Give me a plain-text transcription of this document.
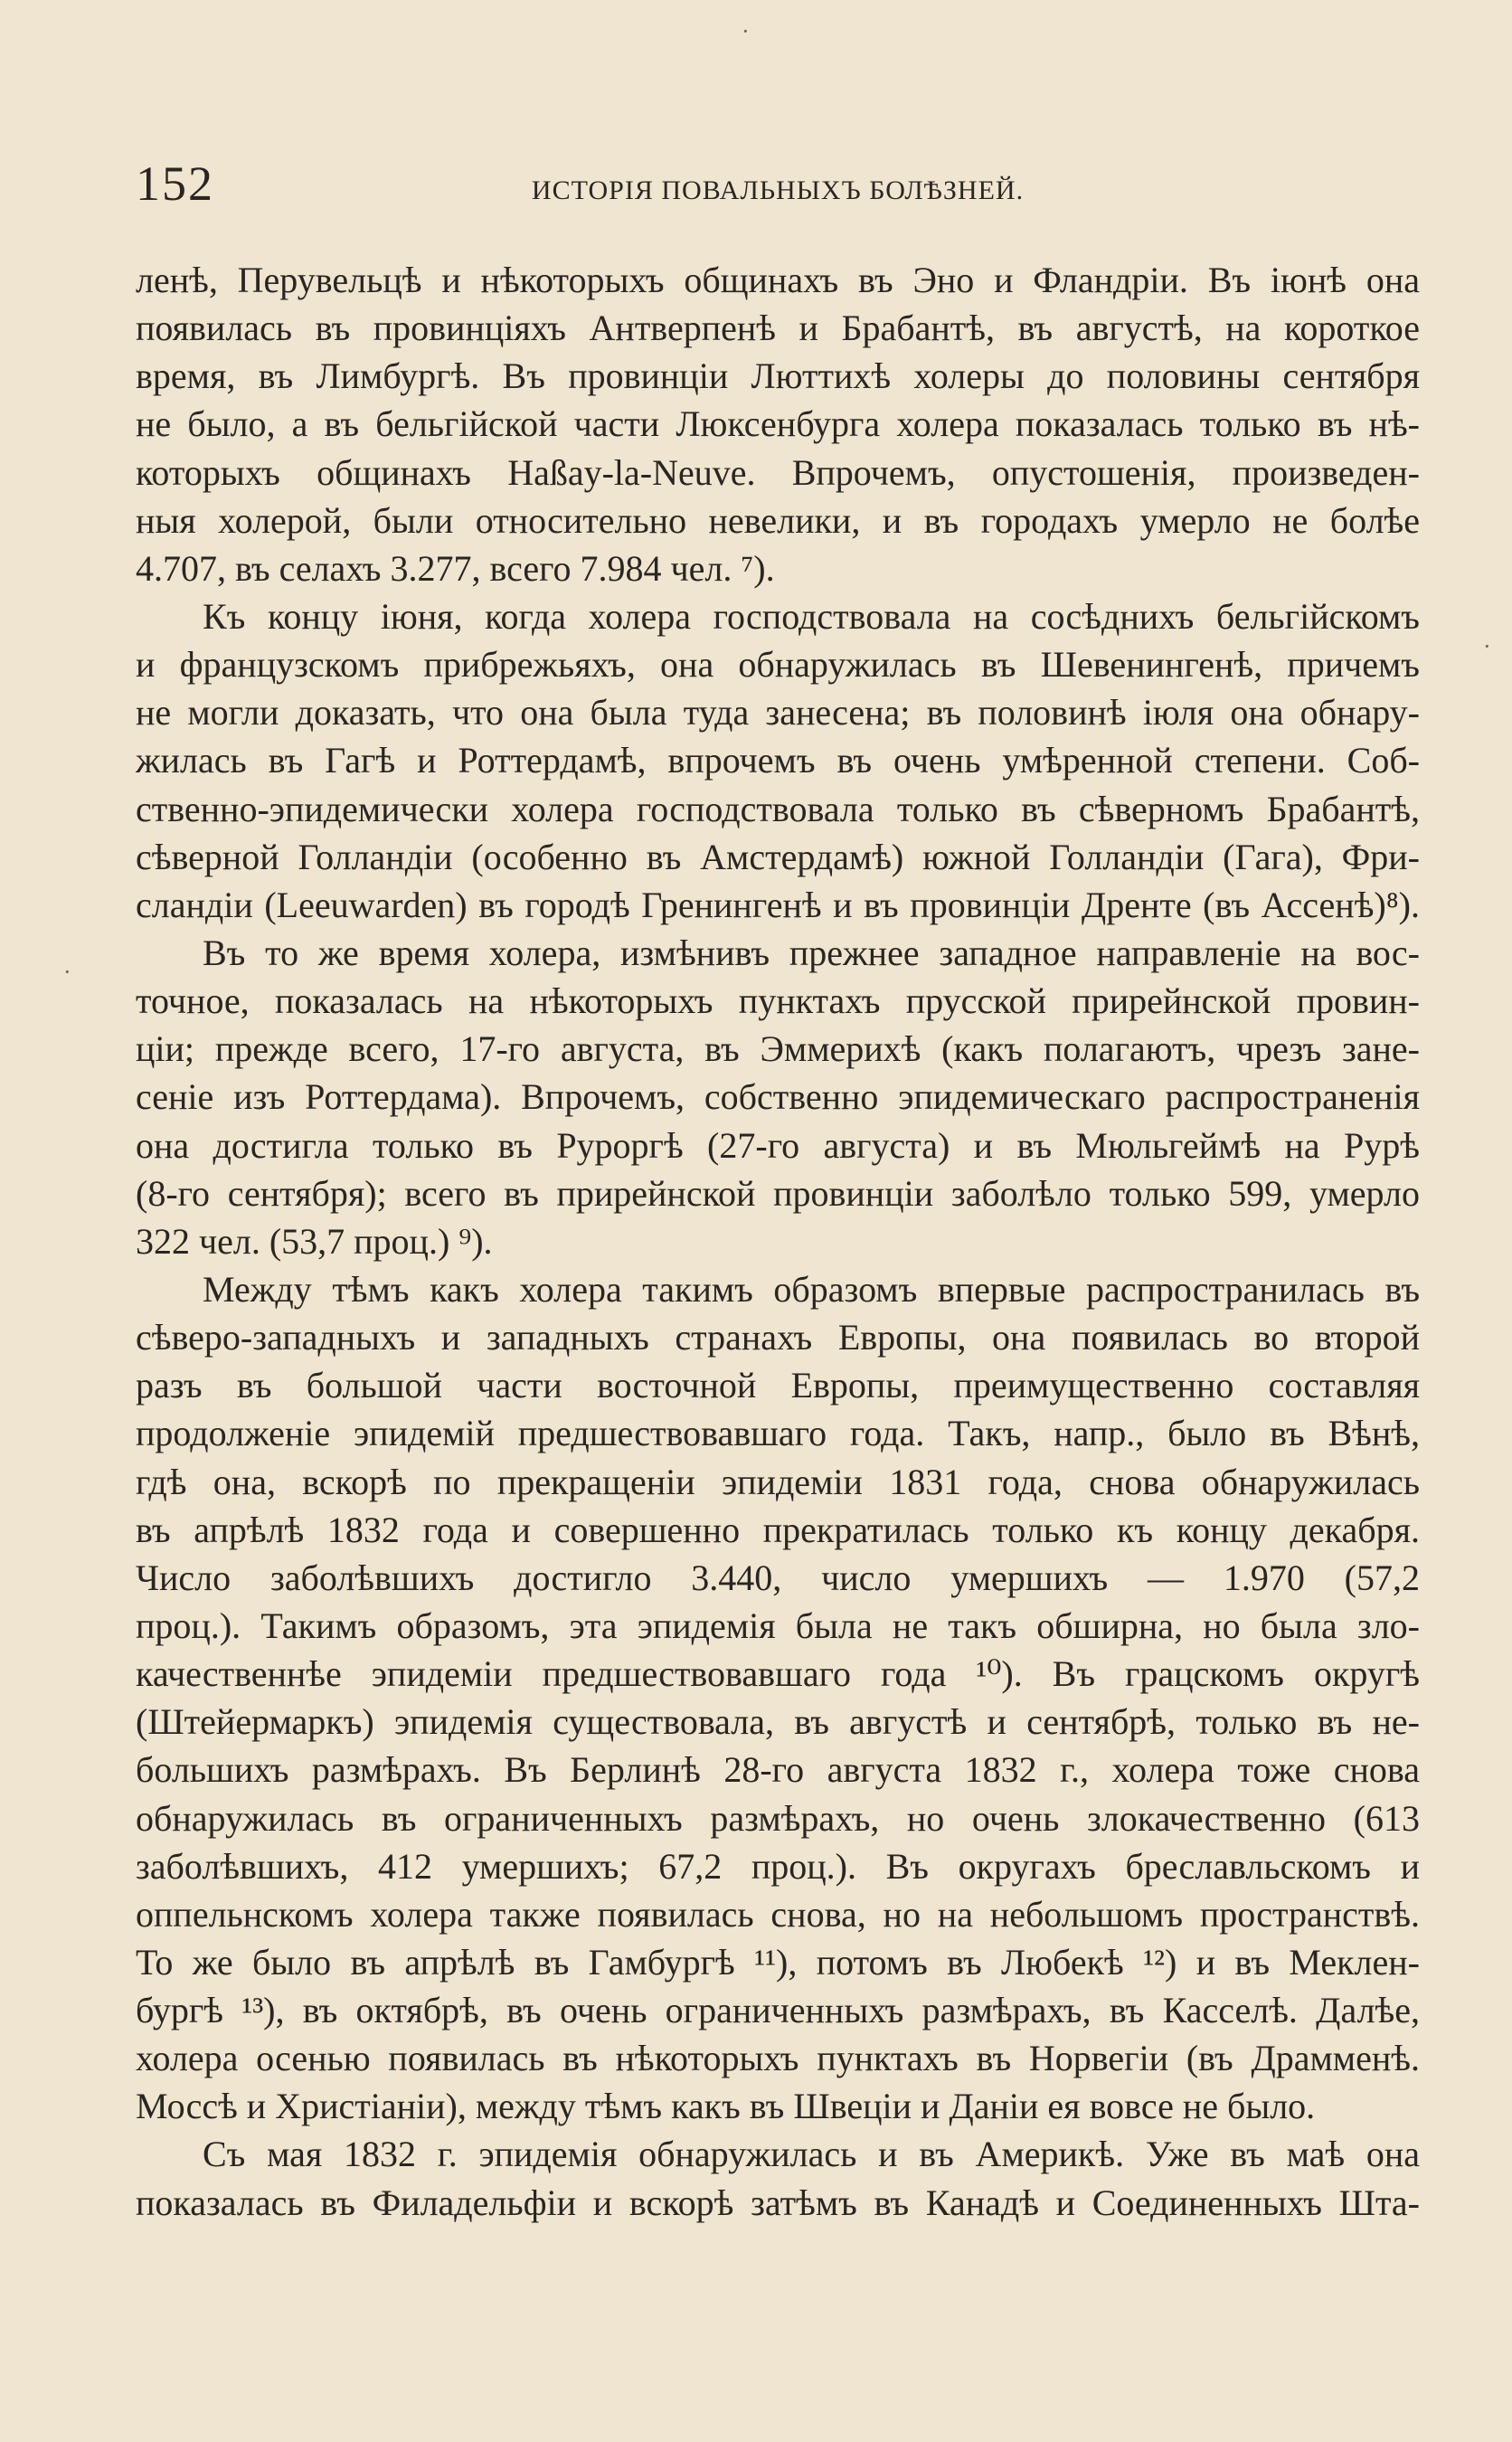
152	ИСТОРІЯ ПОВАЛЬНЫХЪ БОЛѢЗНЕЙ.
ленѣ, Перувельцѣ и нѣкоторыхъ общинахъ въ Эно и Фландріи. Въ іюнѣ она
появилась въ провинціяхъ Антверпенѣ и Брабантѣ, въ августѣ, на короткое
время, въ Лимбургѣ. Въ провинціи Люттихѣ холеры до половины сентября
не было, а въ бельгійской части Люксенбурга холера показалась только въ нѣ-
которыхъ общинахъ Haßay-la-Neuve. Впрочемъ, опустошенія, произведен-
ныя холерой, были относительно невелики, и въ городахъ умерло не болѣе
4.707, въ селахъ 3.277, всего 7.984 чел. ⁷).
Къ концу іюня, когда холера господствовала на сосѣднихъ бельгійскомъ
и французскомъ прибрежьяхъ, она обнаружилась въ Шевенингенѣ, причемъ
не могли доказать, что она была туда занесена; въ половинѣ іюля она обнару-
жилась въ Гагѣ и Роттердамѣ, впрочемъ въ очень умѣренной степени. Соб-
ственно-эпидемически холера господствовала только въ сѣверномъ Брабантѣ,
сѣверной Голландіи (особенно въ Амстердамѣ) южной Голландіи (Гага), Фри-
сландіи (Leeuwarden) въ городѣ Гренингенѣ и въ провинціи Дренте (въ Ассенѣ)⁸).
Въ то же время холера, измѣнивъ прежнее западное направленіе на вос-
точное, показалась на нѣкоторыхъ пунктахъ прусской прирейнской провин-
ціи; прежде всего, 17-го августа, въ Эммерихѣ (какъ полагаютъ, чрезъ зане-
сеніе изъ Роттердама). Впрочемъ, собственно эпидемическаго распространенія
она достигла только въ Руроргѣ (27-го августа) и въ Мюльгеймѣ на Рурѣ
(8-го сентября); всего въ прирейнской провинціи заболѣло только 599, умерло
322 чел. (53,7 проц.) ⁹).
Между тѣмъ какъ холера такимъ образомъ впервые распространилась въ
сѣверо-западныхъ и западныхъ странахъ Европы, она появилась во второй
разъ въ большой части восточной Европы, преимущественно составляя
продолженіе эпидемій предшествовавшаго года. Такъ, напр., было въ Вѣнѣ,
гдѣ она, вскорѣ по прекращеніи эпидеміи 1831 года, снова обнаружилась
въ апрѣлѣ 1832 года и совершенно прекратилась только къ концу декабря.
Число заболѣвшихъ достигло 3.440, число умершихъ — 1.970 (57,2
проц.). Такимъ образомъ, эта эпидемія была не такъ обширна, но была зло-
качественнѣе эпидеміи предшествовавшаго года ¹⁰). Въ грацскомъ округѣ
(Штейермаркъ) эпидемія существовала, въ августѣ и сентябрѣ, только въ не-
большихъ размѣрахъ. Въ Берлинѣ 28-го августа 1832 г., холера тоже снова
обнаружилась въ ограниченныхъ размѣрахъ, но очень злокачественно (613
заболѣвшихъ, 412 умершихъ; 67,2 проц.). Въ округахъ бреславльскомъ и
оппельнскомъ холера также появилась снова, но на небольшомъ пространствѣ.
То же было въ апрѣлѣ въ Гамбургѣ ¹¹), потомъ въ Любекѣ ¹²) и въ Меклен-
бургѣ ¹³), въ октябрѣ, въ очень ограниченныхъ размѣрахъ, въ Касселѣ. Далѣе,
холера осенью появилась въ нѣкоторыхъ пунктахъ въ Норвегіи (въ Драмменѣ.
Моссѣ и Христіаніи), между тѣмъ какъ въ Швеціи и Даніи ея вовсе не было.
Съ мая 1832 г. эпидемія обнаружилась и въ Америкѣ. Уже въ маѣ она
показалась въ Филадельфіи и вскорѣ затѣмъ въ Канадѣ и Соединенныхъ Шта-
·
·
·
